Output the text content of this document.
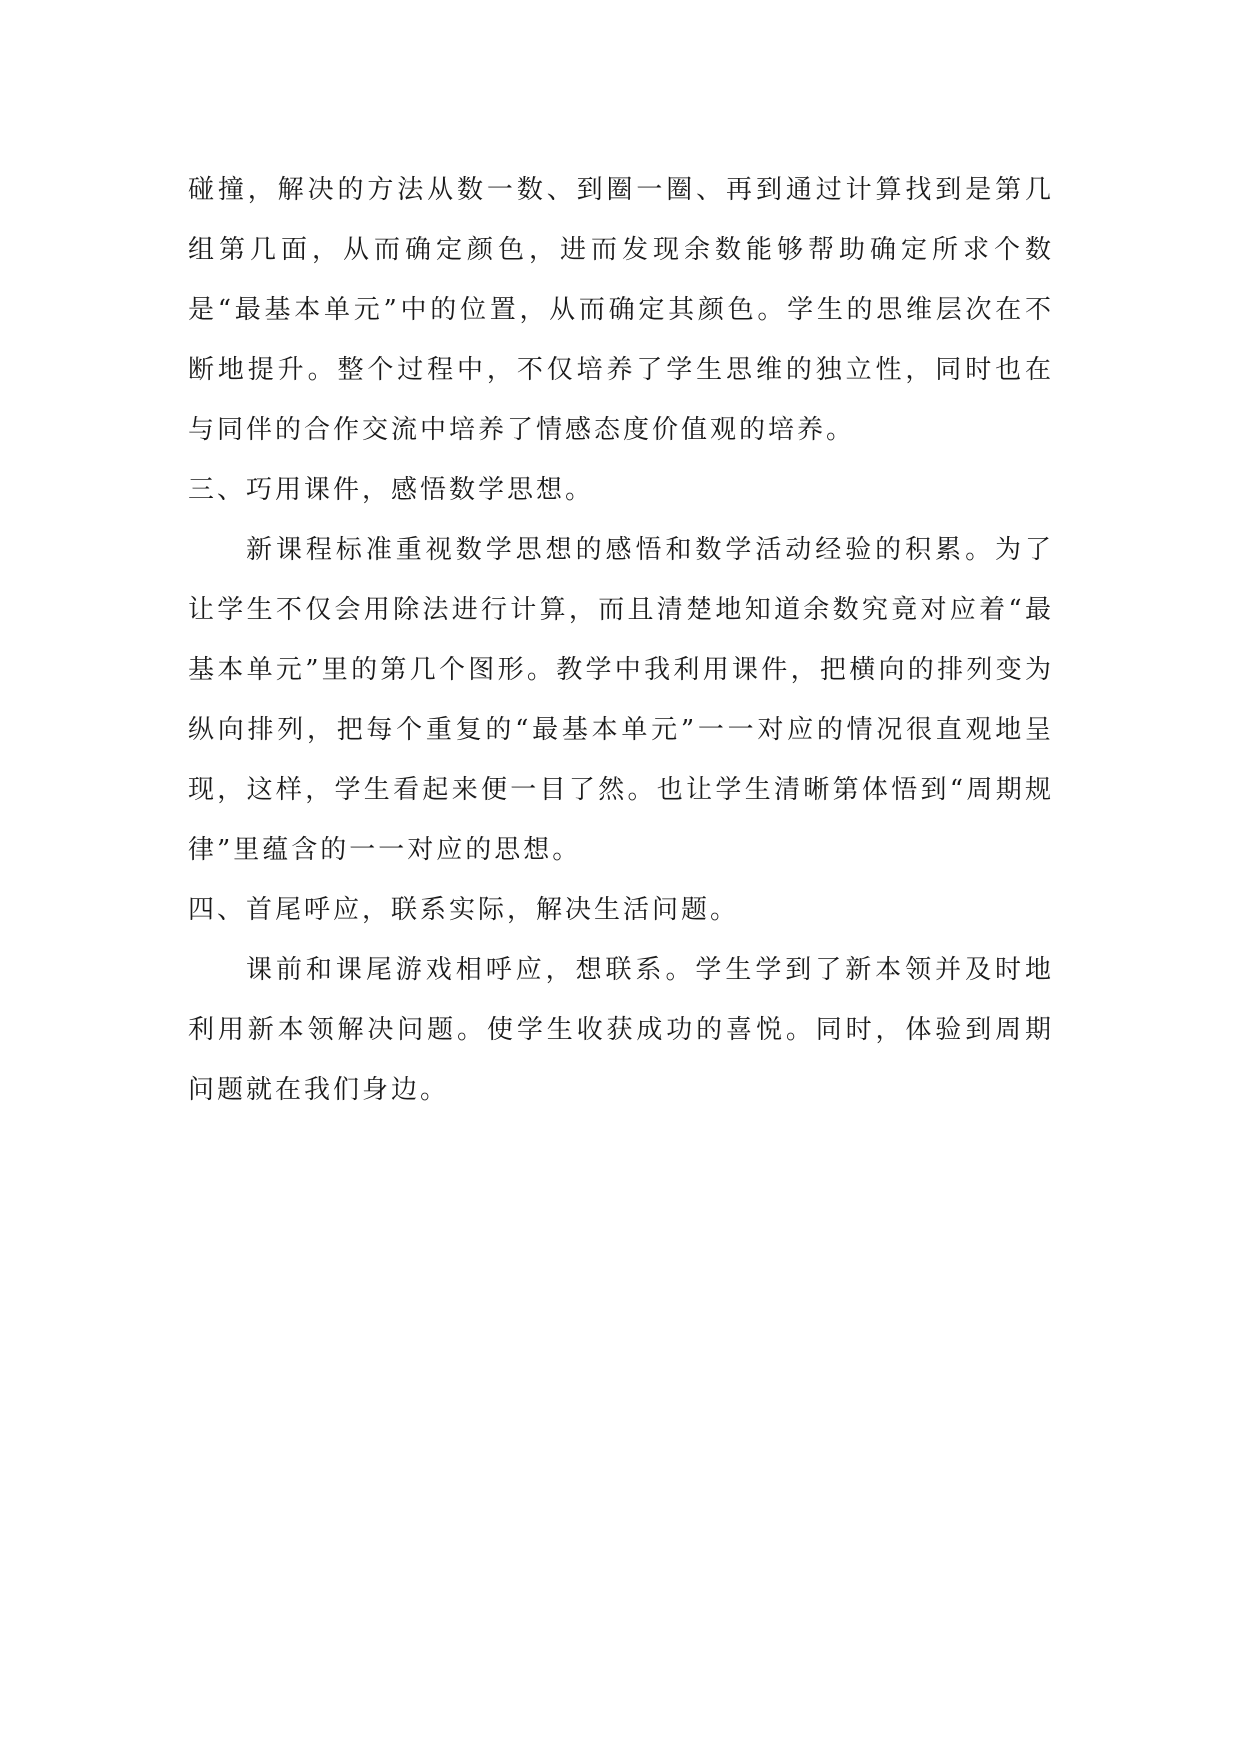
碰撞，解决的方法从数一数、到圈一圈、再到通过计算找到是第几组第几面，从而确定颜色，进而发现余数能够帮助确定所求个数是“最基本单元”中的位置，从而确定其颜色。学生的思维层次在不断地提升。整个过程中，不仅培养了学生思维的独立性，同时也在与同伴的合作交流中培养了情感态度价值观的培养。

三、巧用课件，感悟数学思想。

新课程标准重视数学思想的感悟和数学活动经验的积累。为了让学生不仅会用除法进行计算，而且清楚地知道余数究竟对应着“最基本单元”里的第几个图形。教学中我利用课件，把横向的排列变为纵向排列，把每个重复的“最基本单元”一一对应的情况很直观地呈现，这样，学生看起来便一目了然。也让学生清晰第体悟到“周期规律”里蕴含的一一对应的思想。

四、首尾呼应，联系实际，解决生活问题。

课前和课尾游戏相呼应，想联系。学生学到了新本领并及时地利用新本领解决问题。使学生收获成功的喜悦。同时，体验到周期问题就在我们身边。
